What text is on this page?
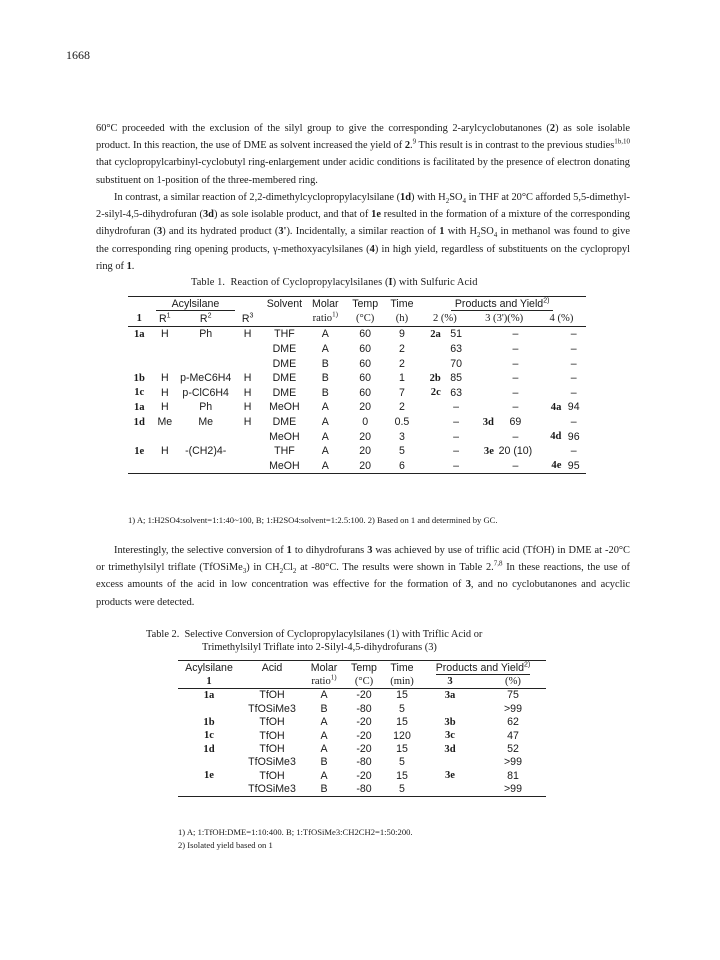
1668

60°C proceeded with the exclusion of the silyl group to give the corresponding 2-arylcyclobutanones (2) as sole isolable product. In this reaction, the use of DME as solvent increased the yield of 2.$^9$ This result is in contrast to the previous studies$^{1b,10}$ that cyclopropylcarbinyl-cyclobutyl ring-enlargement under acidic conditions is facilitated by the presence of electron donating substituent on 1-position of the three-membered ring.

In contrast, a similar reaction of 2,2-dimethylcyclopropylacylsilane (1d) with $H_2SO_4$ in THF at 20°C afforded 5,5-dimethyl-2-silyl-4,5-dihydrofuran (3d) as sole isolable product, and that of 1e resulted in the formation of a mixture of the corresponding dihydrofuran (3) and its hydrated product (3'). Incidentally, a similar reaction of 1 with $H_2SO_4$ in methanol was found to give the corresponding ring opening products, γ-methoxyacylsilanes (4) in high yield, regardless of substituents on the cyclopropyl ring of 1.

Table 1. Reaction of Cyclopropylacylsilanes (I) with Sulfuric Acid

Acylsilane				Solvent	Molar	Temp	Time	Products and Yield$^{2)}$
1	$R^1$	$R^2$	$R^3$		ratio$^{1)}$	(°C)	(h)	2 (%)		3 (3')(%)		4 (%)	
1a	H	Ph	H	THF	A	60	9	2a	51		–		–
				DME	A	60	2		63		–		–
				DME	B	60	2		70		–		–
1b	H	p-MeC6H4	H	DME	B	60	1	2b	85		–		–
1c	H	p-ClC6H4	H	DME	B	60	7	2c	63		–		–
1a	H	Ph	H	MeOH	A	20	2		–		–	4a	94
1d	Me	Me	H	DME	A	0	0.5		–	3d	69		–
				MeOH	A	20	3		–		–	4d	96
1e	H	-(CH2)4-		THF	A	20	5		–	3e	20 (10)		–
				MeOH	A	20	6		–		–	4e	95
1) A; 1:H2SO4:solvent=1:1:40~100, B; 1:H2SO4:solvent=1:2.5:100. 2) Based on 1 and determined by GC.

Interestingly, the selective conversion of 1 to dihydrofurans 3 was achieved by use of triflic acid (TfOH) in DME at -20°C or trimethylsilyl triflate (TfOSiMe$_3$) in $CH_2Cl_2$ at -80°C. The results were shown in Table 2.$^{7,8}$ In these reactions, the use of excess amounts of the acid in low concentration was effective for the formation of 3, and no cyclobutanones and acyclic products were detected.

Table 2. Selective Conversion of Cyclopropylacylsilanes (1) with Triflic Acid or
Trimethylsilyl Triflate into 2-Silyl-4,5-dihydrofurans (3)

Acylsilane	Acid	Molar	Temp	Time	Products and Yield$^{2)}$
1		ratio$^{1)}$	(°C)	(min)	3	(%)
1a	TfOH	A	-20	15	3a	75
	TfOSiMe3	B	-80	5		>99
1b	TfOH	A	-20	15	3b	62
1c	TfOH	A	-20	120	3c	47
1d	TfOH	A	-20	15	3d	52
	TfOSiMe3	B	-80	5		>99
1e	TfOH	A	-20	15	3e	81
	TfOSiMe3	B	-80	5		>99
1) A; 1:TfOH:DME=1:10:400. B; 1:TfOSiMe3:CH2CH2=1:50:200.
2) Isolated yield based on 1
